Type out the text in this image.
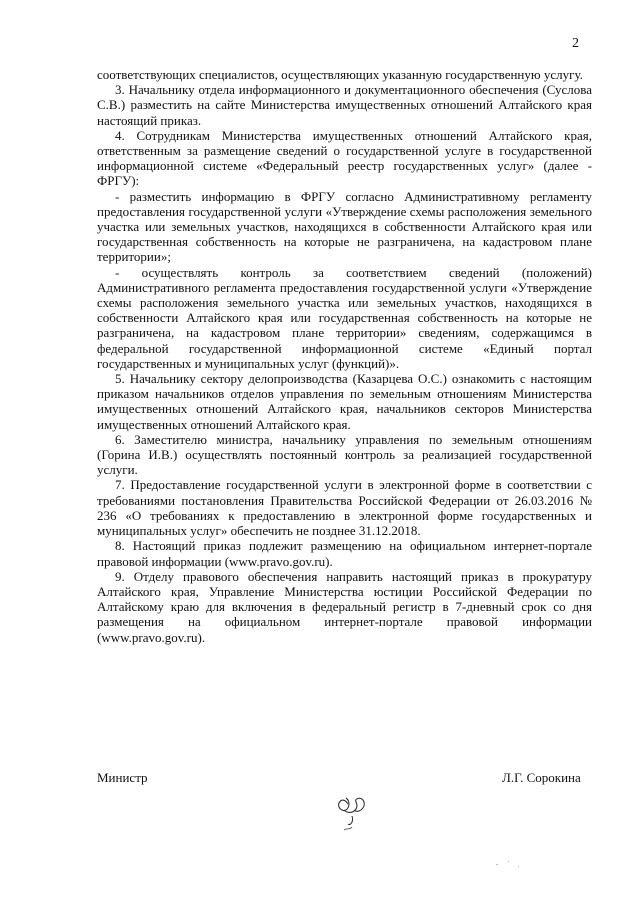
2

соответствующих специалистов, осуществляющих указанную государственную услугу.

3. Начальнику отдела информационного и документационного обеспечения (Суслова С.В.) разместить на сайте Министерства имущественных отношений Алтайского края настоящий приказ.

4. Сотрудникам Министерства имущественных отношений Алтайского края, ответственным за размещение сведений о государственной услуге в государственной информационной системе «Федеральный реестр государственных услуг» (далее - ФРГУ):

- разместить информацию в ФРГУ согласно Административному регламенту предоставления государственной услуги «Утверждение схемы расположения земельного участка или земельных участков, находящихся в собственности Алтайского края или государственная собственность на которые не разграничена, на кадастровом плане территории»;

- осуществлять контроль за соответствием сведений (положений) Административного регламента предоставления государственной услуги «Утверждение схемы расположения земельного участка или земельных участков, находящихся в собственности Алтайского края или государственная собственность на которые не разграничена, на кадастровом плане территории» сведениям, содержащимся в федеральной государственной информационной системе «Единый портал государственных и муниципальных услуг (функций)».

5. Начальнику сектору делопроизводства (Казарцева О.С.) ознакомить с настоящим приказом начальников отделов управления по земельным отношениям Министерства имущественных отношений Алтайского края, начальников секторов Министерства имущественных отношений Алтайского края.

6. Заместителю министра, начальнику управления по земельным отношениям (Горина И.В.) осуществлять постоянный контроль за реализацией государственной услуги.

7. Предоставление государственной услуги в электронной форме в соответствии с требованиями постановления Правительства Российской Федерации от 26.03.2016 № 236 «О требованиях к предоставлению в электронной форме государственных и муниципальных услуг» обеспечить не позднее 31.12.2018.

8. Настоящий приказ подлежит размещению на официальном интернет-портале правовой информации (www.pravo.gov.ru).

9. Отделу правового обеспечения направить настоящий приказ в прокуратуру Алтайского края, Управление Министерства юстиции Российской Федерации по Алтайскому краю для включения в федеральный регистр в 7-дневный срок со дня размещения на официальном интернет-портале правовой информации (www.pravo.gov.ru).

Министр	Л.Г. Сорокина
